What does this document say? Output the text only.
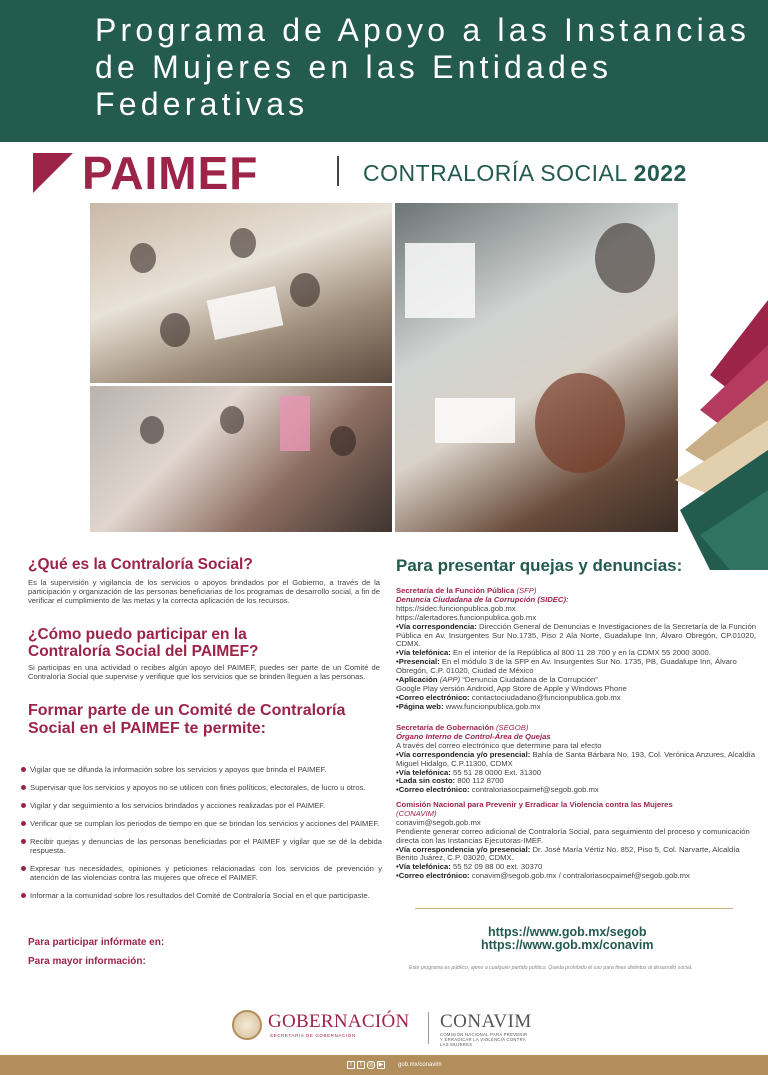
Programa de Apoyo a las Instancias de Mujeres en las Entidades Federativas
PAIMEF	CONTRALORÍA SOCIAL 2022
¿Qué es la Contraloría Social?
Es la supervisión y vigilancia de los servicios o apoyos brindados por el Gobierno, a través de la participación y organización de las personas beneficiarias de los programas de desarrollo social, a fin de verificar el cumplimiento de las metas y la correcta aplicación de los recursos.
¿Cómo puedo participar en la Contraloría Social del PAIMEF?
Si participas en una actividad o recibes algún apoyo del PAIMEF, puedes ser parte de un Comité de Contraloría Social que supervise y verifique que los servicios que se brinden lleguen a las personas.
Formar parte de un Comité de Contraloría Social en el PAIMEF te permite:
Vigilar que se difunda la información sobre los servicios y apoyos que brinda el PAIMEF.
Supervisar que los servicios y apoyos no se utilicen con fines políticos, electorales, de lucro u otros.
Vigilar y dar seguimiento a los servicios brindados y acciones realizadas por el PAIMEF.
Verificar que se cumplan los periodos de tiempo en que se brindan los servicios y acciones del PAIMEF.
Recibir quejas y denuncias de las personas beneficiadas por el PAIMEF y vigilar que se dé la debida respuesta.
Expresar tus necesidades, opiniones y peticiones relacionadas con los servicios de prevención y atención de las violencias contra las mujeres que ofrece el PAIMEF.
Informar a la comunidad sobre los resultados del Comité de Contraloría Social en el que participaste.
Para participar infórmate en:
Para mayor información:
Para presentar quejas y denuncias:
Secretaría de la Función Pública (SFP)
Denuncia Ciudadana de la Corrupción (SIDEC):
https://sidec.funcionpublica.gob.mx
https://alertadores.funcionpublica.gob.mx
•Vía correspondencia: Dirección General de Denuncias e Investigaciones de la Secretaría de la Función Pública en Av. Insurgentes Sur No.1735, Piso 2 Ala Norte, Guadalupe Inn, Álvaro Obregón, CP.01020, CDMX.
•Vía telefónica: En el interior de la República al 800 11 28 700 y en la CDMX 55 2000 3000.
•Presencial: En el módulo 3 de la SFP en Av. Insurgentes Sur No. 1735, PB, Guadalupe Inn, Álvaro Obregón, C.P. 01020, Ciudad de México
•Aplicación (APP) “Denuncia Ciudadana de la Corrupción”
Google Play versión Android, App Store de Apple y Windows Phone
•Correo electrónico: contactociudadano@funcionpublica.gob.mx
•Página web: www.funcionpublica.gob.mx
Secretaría de Gobernación (SEGOB)
Órgano Interno de Control-Área de Quejas
A través del correo electrónico que determine para tal efecto
•Vía correspondencia y/o presencial: Bahía de Santa Bárbara No. 193, Col. Verónica Anzures, Alcaldía Miguel Hidalgo, C.P.11300, CDMX
•Vía telefónica: 55 51 28 0000 Ext. 31300
•Lada sin costo: 800 112 8700
•Correo electrónico: contraloriasocpaimef@segob.gob.mx
Comisión Nacional para Prevenir y Erradicar la Violencia contra las Mujeres
(CONAVIM)
conavim@segob.gob.mx
Pendiente generar correo adicional de Contraloría Social, para seguimiento del proceso y comunicación directa con las Instancias Ejecutoras-IMEF.
•Vía correspondencia y/o presencial: Dr. José María Vértiz No. 852, Piso 5, Col. Narvarte, Alcaldía Benito Juárez, C.P. 03020, CDMX.
•Vía telefónica: 55 52 09 88 00 ext. 30370
•Correo electrónico: conavim@segob.gob.mx / contraloriasocpaimef@segob.gob.mx
https://www.gob.mx/segob
https://www.gob.mx/conavim
Este programa es público, ajeno a cualquier partido político. Queda prohibido el uso para fines distintos al desarrollo social.
GOBERNACIÓN
SECRETARÍA DE GOBERNACIÓN
CONAVIM
COMISIÓN NACIONAL PARA PREVENIR Y ERRADICAR LA VIOLENCIA CONTRA LAS MUJERES
f	t	◎ ▶ gob.mx/conavim
